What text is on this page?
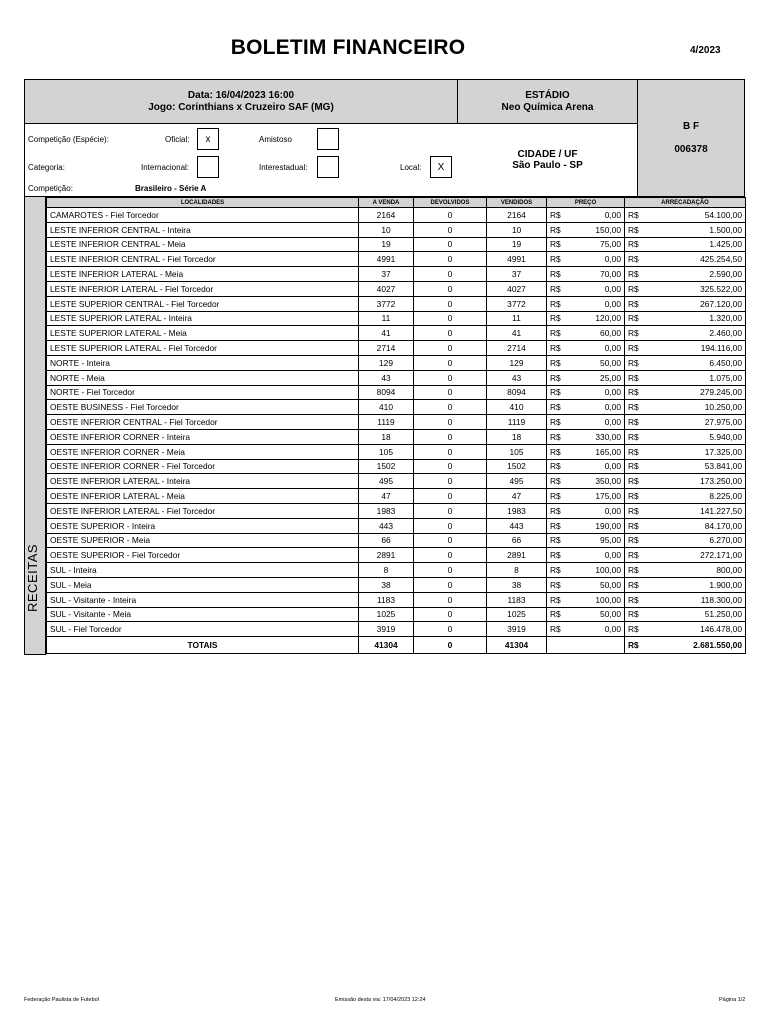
BOLETIM FINANCEIRO	4/2023
Data: 16/04/2023 16:00
Jogo: Corinthians x Cruzeiro SAF (MG)
ESTÁDIO
Neo Química Arena
B F
006378
CIDADE / UF
São Paulo - SP
Competição (Espécie):	Oficial:	x	Amistoso
Categoria:	Internacional:	Interestadual:	Local:	X
Competição:	Brasileiro - Série A
RECEITAS
LOCALIDADES	A VENDA	DEVOLVIDOS	VENDIDOS	PREÇO	ARRECADAÇÃO
CAMAROTES - Fiel Torcedor	2164	0	2164	R$ 0,00	R$ 54.100,00

LESTE INFERIOR CENTRAL - Inteira	10	0	10	R$ 150,00	R$ 1.500,00

LESTE INFERIOR CENTRAL - Meia	19	0	19	R$ 75,00	R$ 1.425,00

LESTE INFERIOR CENTRAL - Fiel Torcedor	4991	0	4991	R$ 0,00	R$ 425.254,50

LESTE INFERIOR LATERAL - Meia	37	0	37	R$ 70,00	R$ 2.590,00

LESTE INFERIOR LATERAL - Fiel Torcedor	4027	0	4027	R$ 0,00	R$ 325.522,00

LESTE SUPERIOR CENTRAL - Fiel Torcedor	3772	0	3772	R$ 0,00	R$ 267.120,00

LESTE SUPERIOR LATERAL - Inteira	11	0	11	R$ 120,00	R$ 1.320,00

LESTE SUPERIOR LATERAL - Meia	41	0	41	R$ 60,00	R$ 2.460,00

LESTE SUPERIOR LATERAL - Fiel Torcedor	2714	0	2714	R$ 0,00	R$ 194.116,00

NORTE - Inteira	129	0	129	R$ 50,00	R$ 6.450,00

NORTE - Meia	43	0	43	R$ 25,00	R$ 1.075,00

NORTE - Fiel Torcedor	8094	0	8094	R$ 0,00	R$ 279.245,00

OESTE BUSINESS - Fiel Torcedor	410	0	410	R$ 0,00	R$ 10.250,00

OESTE INFERIOR CENTRAL - Fiel Torcedor	1119	0	1119	R$ 0,00	R$ 27.975,00

OESTE INFERIOR CORNER - Inteira	18	0	18	R$ 330,00	R$ 5.940,00

OESTE INFERIOR CORNER - Meia	105	0	105	R$ 165,00	R$ 17.325,00

OESTE INFERIOR CORNER - Fiel Torcedor	1502	0	1502	R$ 0,00	R$ 53.841,00

OESTE INFERIOR LATERAL - Inteira	495	0	495	R$ 350,00	R$ 173.250,00

OESTE INFERIOR LATERAL - Meia	47	0	47	R$ 175,00	R$ 8.225,00

OESTE INFERIOR LATERAL - Fiel Torcedor	1983	0	1983	R$ 0,00	R$ 141.227,50

OESTE SUPERIOR - Inteira	443	0	443	R$ 190,00	R$ 84.170,00

OESTE SUPERIOR - Meia	66	0	66	R$ 95,00	R$ 6.270,00

OESTE SUPERIOR - Fiel Torcedor	2891	0	2891	R$ 0,00	R$ 272.171,00

SUL - Inteira	8	0	8	R$ 100,00	R$ 800,00

SUL - Meia	38	0	38	R$ 50,00	R$ 1.900,00

SUL - Visitante - Inteira	1183	0	1183	R$ 100,00	R$ 118.300,00

SUL - Visitante - Meia	1025	0	1025	R$ 50,00	R$ 51.250,00

SUL - Fiel Torcedor	3919	0	3919	R$ 0,00	R$ 146.478,00

TOTAIS	41304	0	41304		R$ 2.681.550,00
Federação Paulista de Futebol	Emissão desta via: 17/04/2023 12:24	Página 1/2
